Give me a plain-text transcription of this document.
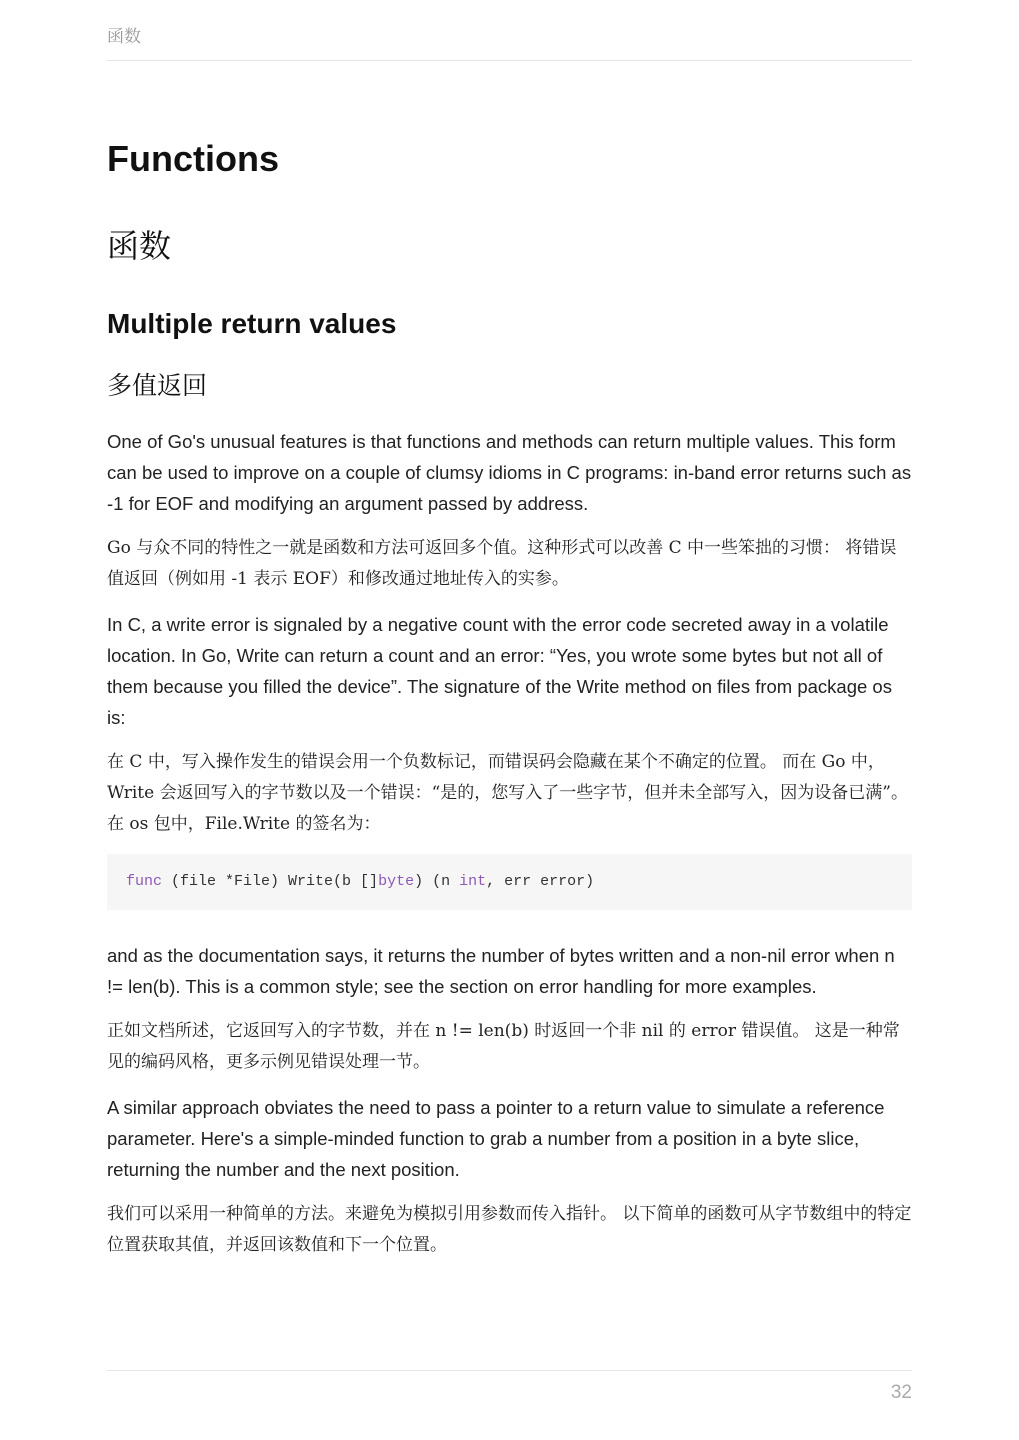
函数
Functions
函数
Multiple return values
多值返回

One of Go's unusual features is that functions and methods can return multiple values. This form can be used to improve on a couple of clumsy idioms in C programs: in-band error returns such as -1 for EOF and modifying an argument passed by address.

Go 与众不同的特性之一就是函数和方法可返回多个值。这种形式可以改善 C 中一些笨拙的习惯： 将错误值返回（例如用 -1 表示 EOF）和修改通过地址传入的实参。

In C, a write error is signaled by a negative count with the error code secreted away in a volatile location. In Go, Write can return a count and an error: “Yes, you wrote some bytes but not all of them because you filled the device”. The signature of the Write method on files from package os is:

在 C 中，写入操作发生的错误会用一个负数标记，而错误码会隐藏在某个不确定的位置。 而在 Go 中，Write 会返回写入的字节数以及一个错误：“是的，您写入了一些字节，但并未全部写入，因为设备已满”。 在 os 包中，File.Write 的签名为：

func (file *File) Write(b []byte) (n int, err error)

and as the documentation says, it returns the number of bytes written and a non-nil error when n != len(b). This is a common style; see the section on error handling for more examples.

正如文档所述，它返回写入的字节数，并在 n != len(b) 时返回一个非 nil 的 error 错误值。 这是一种常见的编码风格，更多示例见错误处理一节。

A similar approach obviates the need to pass a pointer to a return value to simulate a reference parameter. Here's a simple-minded function to grab a number from a position in a byte slice, returning the number and the next position.

我们可以采用一种简单的方法。来避免为模拟引用参数而传入指针。 以下简单的函数可从字节数组中的特定位置获取其值，并返回该数值和下一个位置。

32
